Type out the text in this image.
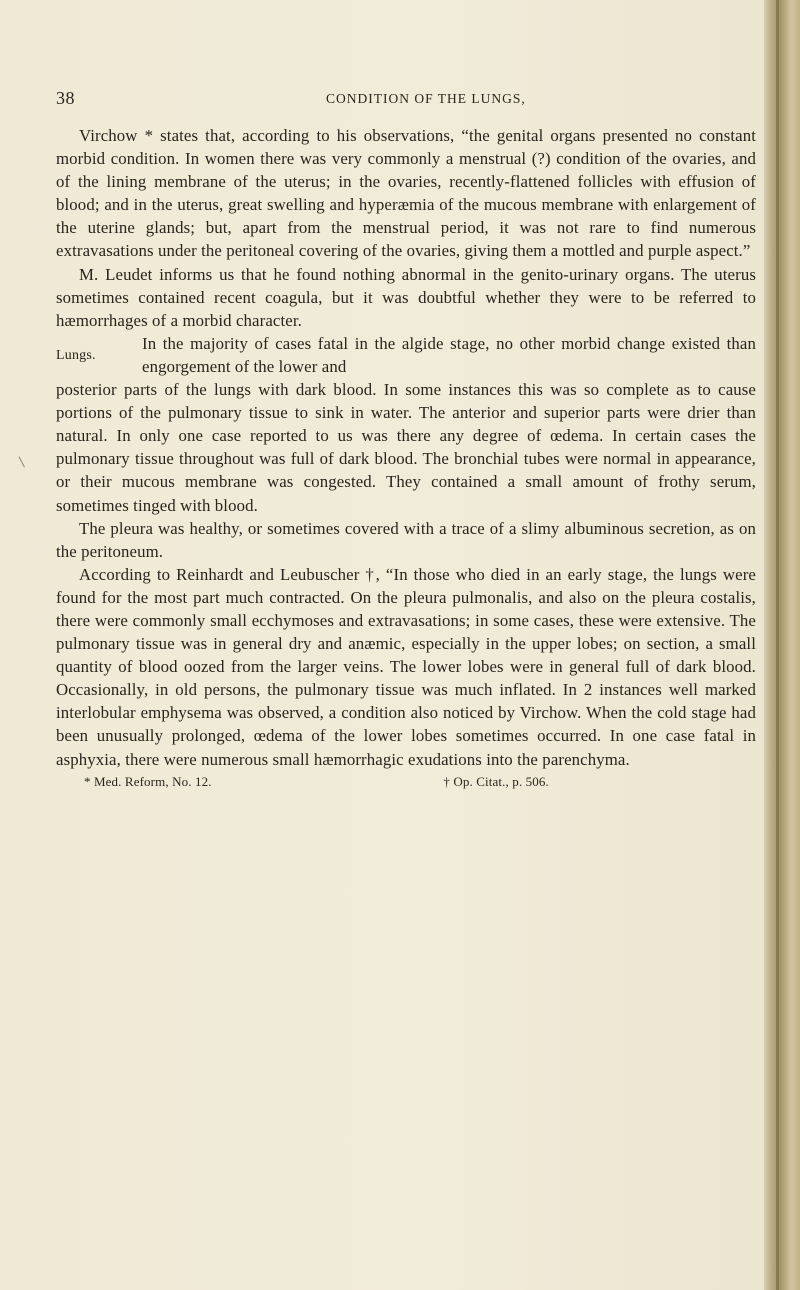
38	CONDITION OF THE LUNGS,

Virchow * states that, according to his observations, “the genital organs presented no constant morbid condition. In women there was very commonly a menstrual (?) condition of the ovaries, and of the lining membrane of the uterus; in the ovaries, recently-flattened follicles with effusion of blood; and in the uterus, great swelling and hyperæmia of the mucous membrane with enlargement of the uterine glands; but, apart from the menstrual period, it was not rare to find numerous extravasations under the peritoneal covering of the ovaries, giving them a mottled and purple aspect.”

M. Leudet informs us that he found nothing abnormal in the genito-urinary organs. The uterus sometimes contained recent coagula, but it was doubtful whether they were to be referred to hæmorrhages of a morbid character.

Lungs.
In the majority of cases fatal in the algide stage, no other morbid change existed than engorgement of the lower and
posterior parts of the lungs with dark blood. In some instances this was so complete as to cause portions of the pulmonary tissue to sink in water. The anterior and superior parts were drier than natural. In only one case reported to us was there any degree of œdema. In certain cases the pulmonary tissue throughout was full of dark blood. The bronchial tubes were normal in appearance, or their mucous membrane was congested. They contained a small amount of frothy serum, sometimes tinged with blood.

The pleura was healthy, or sometimes covered with a trace of a slimy albuminous secretion, as on the peritoneum.

According to Reinhardt and Leubuscher †, “In those who died in an early stage, the lungs were found for the most part much contracted. On the pleura pulmonalis, and also on the pleura costalis, there were commonly small ecchymoses and extravasations; in some cases, these were extensive. The pulmonary tissue was in general dry and anæmic, especially in the upper lobes; on section, a small quantity of blood oozed from the larger veins. The lower lobes were in general full of dark blood. Occasionally, in old persons, the pulmonary tissue was much inflated. In 2 instances well marked interlobular emphysema was observed, a condition also noticed by Virchow. When the cold stage had been unusually prolonged, œdema of the lower lobes sometimes occurred. In one case fatal in asphyxia, there were numerous small hæmorrhagic exudations into the parenchyma.

* Med. Reform, No. 12.	† Op. Citat., p. 506.
